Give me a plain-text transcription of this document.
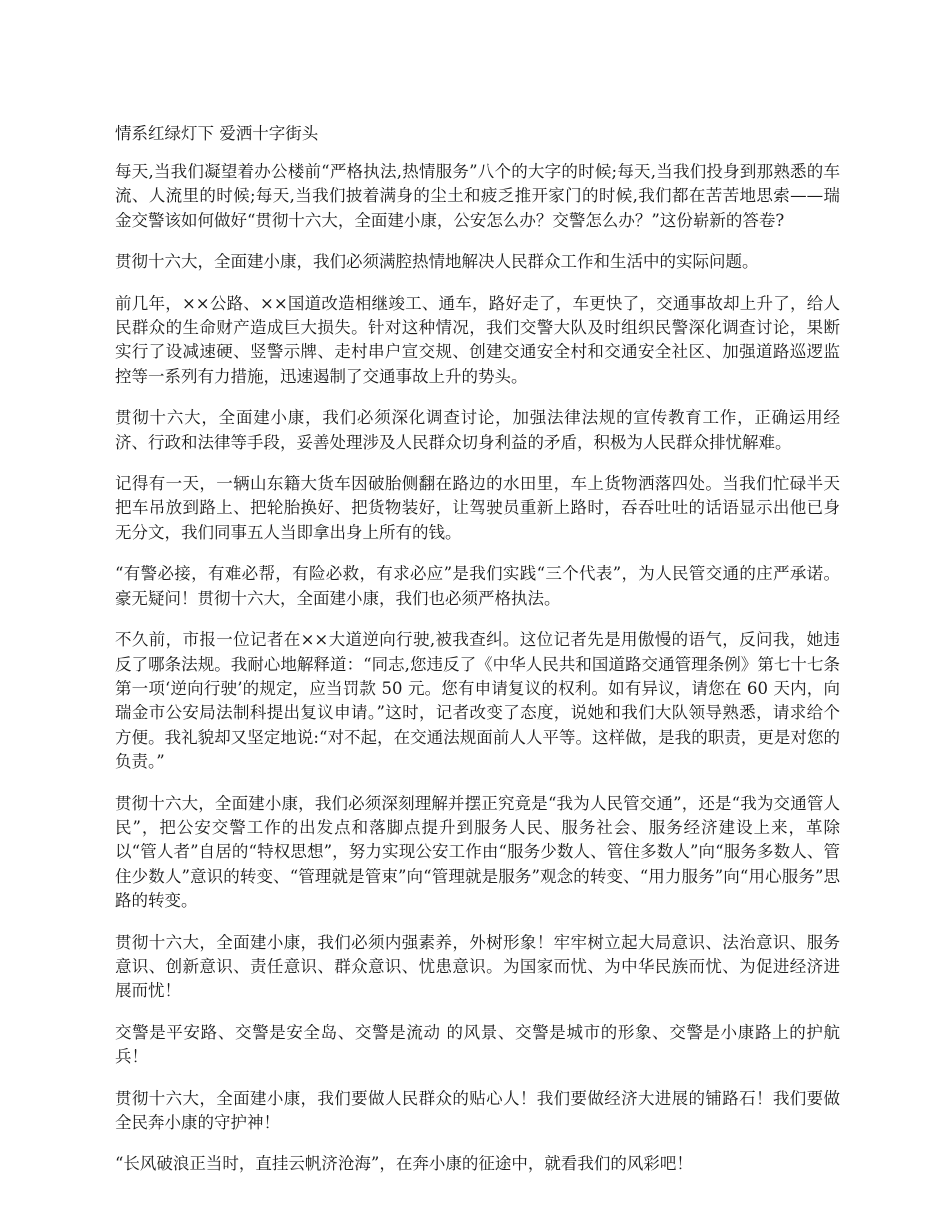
情系红绿灯下 爱洒十字街头

每天,当我们凝望着办公楼前“严格执法,热情服务”八个的大字的时候;每天,当我们投身到那熟悉的车流、人流里的时候;每天,当我们披着满身的尘土和疲乏推开家门的时候,我们都在苦苦地思索——瑞金交警该如何做好“贯彻十六大，全面建小康，公安怎么办？交警怎么办？”这份崭新的答卷?

贯彻十六大，全面建小康，我们必须满腔热情地解决人民群众工作和生活中的实际问题。

前几年，××公路、××国道改造相继竣工、通车，路好走了，车更快了，交通事故却上升了，给人民群众的生命财产造成巨大损失。针对这种情况，我们交警大队及时组织民警深化调查讨论，果断实行了设减速硬、竖警示牌、走村串户宣交规、创建交通安全村和交通安全社区、加强道路巡逻监控等一系列有力措施，迅速遏制了交通事故上升的势头。

贯彻十六大，全面建小康，我们必须深化调查讨论，加强法律法规的宣传教育工作，正确运用经济、行政和法律等手段，妥善处理涉及人民群众切身利益的矛盾，积极为人民群众排忧解难。

记得有一天，一辆山东籍大货车因破胎侧翻在路边的水田里，车上货物洒落四处。当我们忙碌半天把车吊放到路上、把轮胎换好、把货物装好，让驾驶员重新上路时，吞吞吐吐的话语显示出他已身无分文，我们同事五人当即拿出身上所有的钱。

“有警必接，有难必帮，有险必救，有求必应”是我们实践“三个代表”，为人民管交通的庄严承诺。豪无疑问！贯彻十六大，全面建小康，我们也必须严格执法。

不久前，市报一位记者在××大道逆向行驶,被我查纠。这位记者先是用傲慢的语气，反问我，她违反了哪条法规。我耐心地解释道：“同志,您违反了《中华人民共和国道路交通管理条例》第七十七条第一项‘逆向行驶’的规定，应当罚款 50 元。您有申请复议的权利。如有异议，请您在 60 天内，向瑞金市公安局法制科提出复议申请。”这时，记者改变了态度，说她和我们大队领导熟悉，请求给个方便。我礼貌却又坚定地说:“对不起，在交通法规面前人人平等。这样做，是我的职责，更是对您的负责。”

贯彻十六大，全面建小康，我们必须深刻理解并摆正究竟是“我为人民管交通”，还是“我为交通管人民”，把公安交警工作的出发点和落脚点提升到服务人民、服务社会、服务经济建设上来，革除以“管人者”自居的“特权思想”，努力实现公安工作由“服务少数人、管住多数人”向“服务多数人、管住少数人”意识的转变、“管理就是管束”向“管理就是服务”观念的转变、“用力服务”向“用心服务”思路的转变。

贯彻十六大，全面建小康，我们必须内强素养，外树形象！牢牢树立起大局意识、法治意识、服务意识、创新意识、责任意识、群众意识、忧患意识。为国家而忧、为中华民族而忧、为促进经济进展而忧！

交警是平安路、交警是安全岛、交警是流动 的风景、交警是城市的形象、交警是小康路上的护航兵！

贯彻十六大，全面建小康，我们要做人民群众的贴心人！我们要做经济大进展的铺路石！我们要做全民奔小康的守护神！

“长风破浪正当时，直挂云帆济沧海”，在奔小康的征途中，就看我们的风彩吧！
